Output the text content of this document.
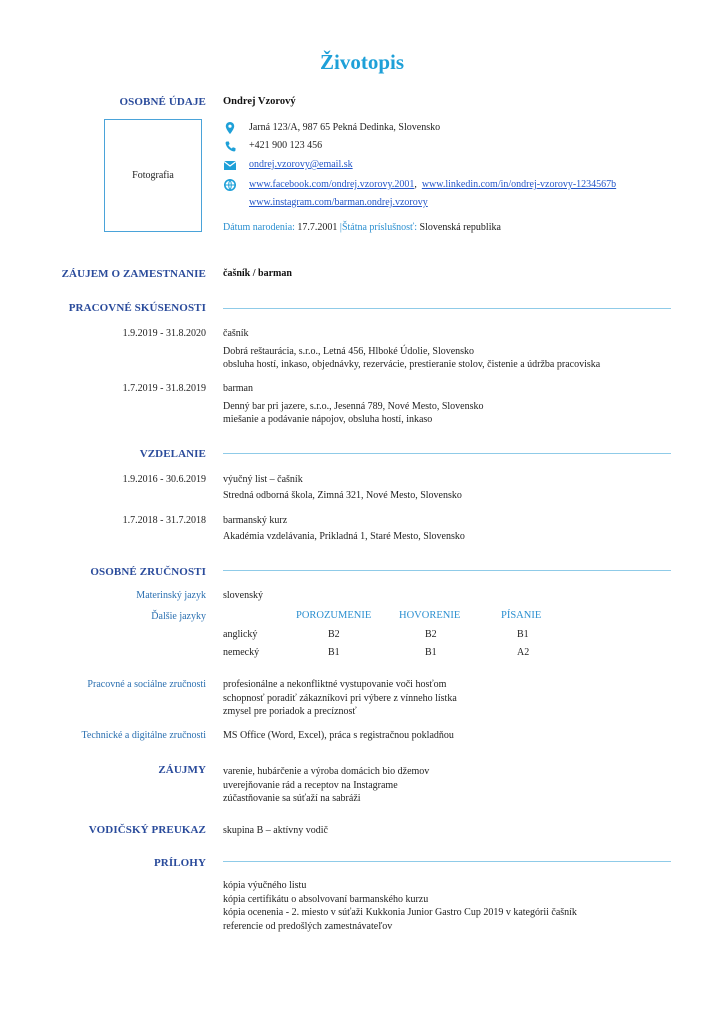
Životopis
OSOBNÉ ÚDAJE Ondrej Vzorový
Fotografia
Jarná 123/A, 987 65 Pekná Dedinka, Slovensko
+421 900 123 456
ondrej.vzorovy@email.sk
www.facebook.com/ondrej.vzorovy.2001,  www.linkedin.com/in/ondrej-vzorovy-1234567b
www.instagram.com/barman.ondrej.vzorovy
Dátum narodenia: 17.7.2001 |Štátna príslušnosť: Slovenská republika
ZÁUJEM O ZAMESTNANIE čašník / barman
PRACOVNÉ SKÚSENOSTI
1.9.2019 - 31.8.2020 čašník
Dobrá reštaurácia, s.r.o., Letná 456, Hlboké Údolie, Slovensko
obsluha hostí, inkaso, objednávky, rezervácie, prestieranie stolov, čistenie a údržba pracoviska
1.7.2019 - 31.8.2019 barman
Denný bar pri jazere, s.r.o., Jesenná 789, Nové Mesto, Slovensko
miešanie a podávanie nápojov, obsluha hostí, inkaso
VZDELANIE
1.9.2016 - 30.6.2019 výučný list – čašník
Stredná odborná škola, Zimná 321, Nové Mesto, Slovensko
1.7.2018 - 31.7.2018 barmanský kurz
Akadémia vzdelávania, Prikladná 1, Staré Mesto, Slovensko
OSOBNÉ ZRUČNOSTI
Materinský jazyk slovenský
Ďalšie jazyky	POROZUMENIE	HOVORENIE	PÍSANIE
anglický	B2	B2	B1
nemecký	B1	B1	A2
Pracovné a sociálne zručnosti profesionálne a nekonfliktné vystupovanie voči hosťom
schopnosť poradiť zákazníkovi pri výbere z vínneho lístka
zmysel pre poriadok a precíznosť
Technické a digitálne zručnosti MS Office (Word, Excel), práca s registračnou pokladňou
ZÁUJMY varenie, hubárčenie a výroba domácich bio džemov
uverejňovanie rád a receptov na Instagrame
zúčastňovanie sa súťaží na sabráži
VODIČSKÝ PREUKAZ skupina B – aktívny vodič
PRÍLOHY
kópia výučného listu
kópia certifikátu o absolvovaní barmanského kurzu
kópia ocenenia - 2. miesto v súťaži Kukkonia Junior Gastro Cup 2019 v kategórii čašník
referencie od predošlých zamestnávateľov
